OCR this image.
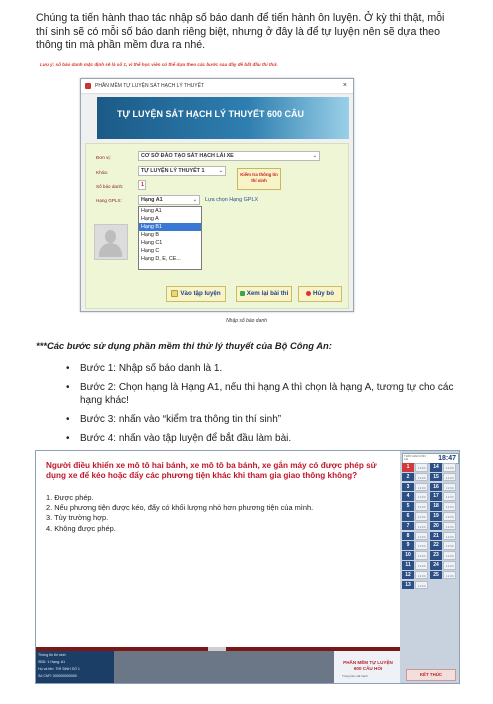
Chúng ta tiến hành thao tác nhập số báo danh để tiến hành ôn luyện. Ở kỳ thi thật, mỗi thí sinh sẽ có mỗi số báo danh riêng biệt, nhưng ở đây là để tự luyện nên sẽ dựa theo thông tin mà phần mềm đưa ra nhé.
Lưu ý: số báo danh mặc định sẽ là số 1, vì thế học viên có thể dựa theo các bước sau đây để bắt đầu thi thử.
PHẦN MỀM TỰ LUYỆN SÁT HẠCH LÝ THUYẾT	×
TỰ LUYỆN SÁT HẠCH LÝ THUYẾT 600 CÂU
Đơn vị:	CƠ SỞ ĐÀO TẠO SÁT HẠCH LÁI XE	⌄
Khóa:	TỰ LUYỆN LÝ THUYẾT 1	⌄
Số báo danh:	1
Kiểm tra thông tin thí sinh
Hạng GPLX:	Hạng A1	⌄ Lựa chọn Hạng GPLX
Hạng A1
Hạng A
Hạng B1
Hạng B
Hạng C1
Hạng C
Hạng D, E, CE...
Vào tập luyện	Xem lại bài thi	Hủy bỏ
Nhập số báo danh
***Các bước sử dụng phần mềm thi thử lý thuyết của Bộ Công An:
• Bước 1: Nhập số báo danh là 1.
• Bước 2: Chọn hạng là Hạng A1, nếu thi hạng A thì chọn là hạng A, tương tự cho các hạng khác!
• Bước 3: nhấn vào “kiểm tra thông tin thí sinh”
• Bước 4: nhấn vào tập luyện để bắt đầu làm bài.
Người điều khiển xe mô tô hai bánh, xe mô tô ba bánh, xe gắn máy có được phép sử dụng xe để kéo hoặc đẩy các phương tiện khác khi tham gia giao thông không?
1. Được phép.
2. Nếu phương tiện được kéo, đẩy có khối lượng nhỏ hơn phương tiện của mình.
3. Tùy trường hợp.
4. Không được phép.
Thông tin thí sinh
SBD: 1 Hạng: A1
Họ và tên: THÍ SINH SỐ 1
Số CMT: 000000000000
PHẦN MỀM TỰ LUYỆN 600 CÂU HỎI
Trung tâm sát hạch
THỜI GIAN CÒN LẠI	18:47
1	1 2 3 4	14	1 2 3 4
2	1 2 3 4	15	1 2 3 4
3	1 2 3 4	16	1 2 3 4
4	1 2 3 4	17	1 2 3 4
5	1 2 3 4	18	1 2 3 4
6	1 2 3 4	19	1 2 3 4
7	1 2 3 4	20	1 2 3 4
8	1 2 3 4	21	1 2 3 4
9	1 2 3 4	22	1 2 3 4
10	1 2 3 4	23	1 2 3 4
11	1 2 3 4	24	1 2 3 4
12	1 2 3 4	25	1 2 3 4
13	1 2 3 4
KẾT THÚC
